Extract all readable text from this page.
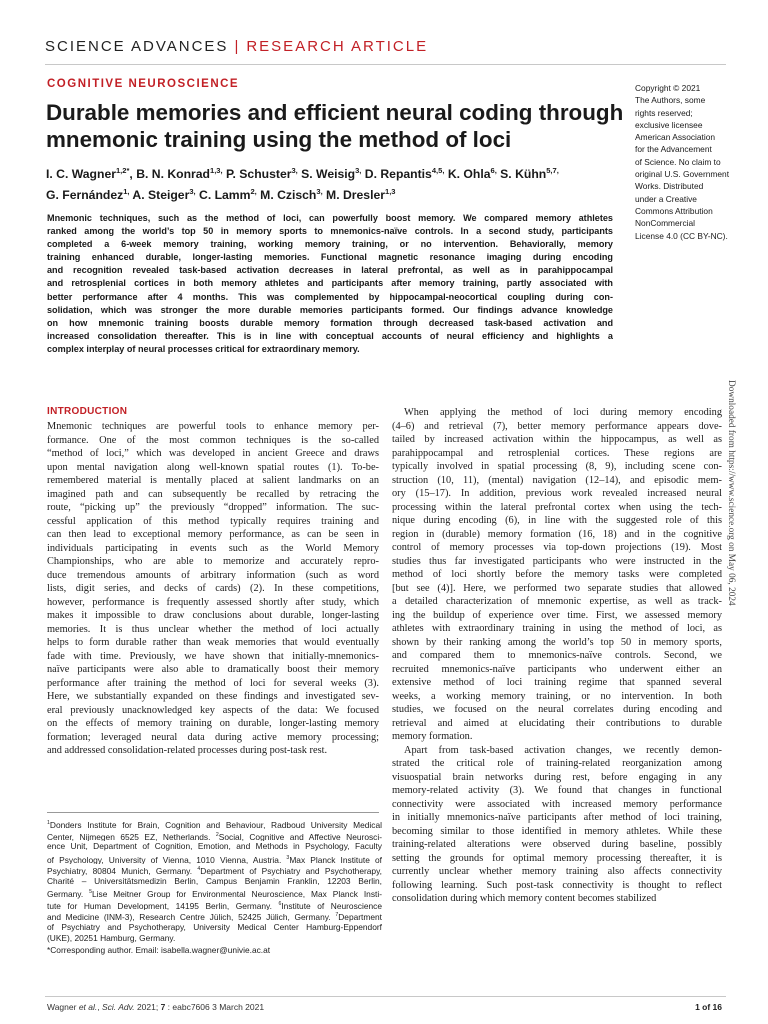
SCIENCE ADVANCES | RESEARCH ARTICLE
COGNITIVE NEUROSCIENCE
Durable memories and efficient neural coding through
mnemonic training using the method of loci
I. C. Wagner$^{1,2*}$, B. N. Konrad$^{1,3,}$ P. Schuster$^{3,}$ S. Weisig$^{3,}$ D. Repantis$^{4,5,}$ K. Ohla$^{6,}$ S. Kühn$^{5,7,}$
G. Fernández$^{1,}$ A. Steiger$^{3,}$ C. Lamm$^{2,}$ M. Czisch$^{3,}$ M. Dresler$^{1,3}$
Copyright © 2021
The Authors, some
rights reserved;
exclusive licensee
American Association
for the Advancement
of Science. No claim to
original U.S. Government
Works. Distributed
under a Creative
Commons Attribution
NonCommercial
License 4.0 (CC BY-NC).
Mnemonic techniques, such as the method of loci, can powerfully boost memory. We compared memory athletes
ranked among the world’s top 50 in memory sports to mnemonics-naïve controls. In a second study, participants
completed a 6-week memory training, working memory training, or no intervention. Behaviorally, memory
training enhanced durable, longer-lasting memories. Functional magnetic resonance imaging during encoding
and recognition revealed task-based activation decreases in lateral prefrontal, as well as in parahippocampal
and retrosplenial cortices in both memory athletes and participants after memory training, partly associated with
better performance after 4 months. This was complemented by hippocampal-neocortical coupling during con-
solidation, which was stronger the more durable memories participants formed. Our findings advance knowledge
on how mnemonic training boosts durable memory formation through decreased task-based activation and
increased consolidation thereafter. This is in line with conceptual accounts of neural efficiency and highlights a
complex interplay of neural processes critical for extraordinary memory.
INTRODUCTION
Mnemonic techniques are powerful tools to enhance memory per-
formance. One of the most common techniques is the so-called
“method of loci,” which was developed in ancient Greece and draws
upon mental navigation along well-known spatial routes (1). To-be-
remembered material is mentally placed at salient landmarks on an
imagined path and can subsequently be recalled by retracing the
route, “picking up” the previously “dropped” information. The suc-
cessful application of this method typically requires training and
can then lead to exceptional memory performance, as can be seen in
individuals participating in events such as the World Memory
Championships, who are able to memorize and accurately repro-
duce tremendous amounts of arbitrary information (such as word
lists, digit series, and decks of cards) (2). In these competitions,
however, performance is frequently assessed shortly after study, which
makes it impossible to draw conclusions about durable, longer-lasting
memories. It is thus unclear whether the method of loci actually
helps to form durable rather than weak memories that would eventually
fade with time. Previously, we have shown that initially-mnemonics-
naïve participants were also able to dramatically boost their memory
performance after training the method of loci for several weeks (3).
Here, we substantially expanded on these findings and investigated sev-
eral previously unacknowledged key aspects of the data: We focused
on the effects of memory training on durable, longer-lasting memory
formation; leveraged neural data during active memory processing;
and addressed consolidation-related processes during post-task rest.
When applying the method of loci during memory encoding
(4–6) and retrieval (7), better memory performance appears dove-
tailed by increased activation within the hippocampus, as well as
parahippocampal and retrosplenial cortices. These regions are
typically involved in spatial processing (8, 9), including scene con-
struction (10, 11), (mental) navigation (12–14), and episodic mem-
ory (15–17). In addition, previous work revealed increased neural
processing within the lateral prefrontal cortex when using the tech-
nique during encoding (6), in line with the suggested role of this
region in (durable) memory formation (16, 18) and in the cognitive
control of memory processes via top-down projections (19). Most
studies thus far investigated participants who were instructed in the
method of loci shortly before the memory tasks were completed
[but see (4)]. Here, we performed two separate studies that allowed
a detailed characterization of mnemonic expertise, as well as track-
ing the buildup of experience over time. First, we assessed memory
athletes with extraordinary training in using the method of loci, as
shown by their ranking among the world’s top 50 in memory sports,
and compared them to mnemonics-naïve controls. Second, we
recruited mnemonics-naïve participants who underwent either an
extensive method of loci training regime that spanned several
weeks, a working memory training, or no intervention. In both
studies, we focused on the neural correlates during encoding and
retrieval and aimed at elucidating their contributions to durable
memory formation.
Apart from task-based activation changes, we recently demon-
strated the critical role of training-related reorganization among
visuospatial brain networks during rest, before engaging in any
memory-related activity (3). We found that changes in functional
connectivity were associated with increased memory performance
in initially mnemonics-naïve participants after method of loci training,
becoming similar to those identified in memory athletes. While these
training-related alterations were observed during baseline, possibly
setting the grounds for optimal memory processing thereafter, it is
currently unclear whether memory training also affects connectivity
following learning. Such post-task connectivity is thought to reflect
consolidation during which memory content becomes stabilized
$^1$Donders Institute for Brain, Cognition and Behaviour, Radboud University Medical
Center, Nijmegen 6525 EZ, Netherlands. $^2$Social, Cognitive and Affective Neurosci-
ence Unit, Department of Cognition, Emotion, and Methods in Psychology, Faculty
of Psychology, University of Vienna, 1010 Vienna, Austria. $^3$Max Planck Institute of
Psychiatry, 80804 Munich, Germany. $^4$Department of Psychiatry and Psychotherapy,
Charité – Universitätsmedizin Berlin, Campus Benjamin Franklin, 12203 Berlin,
Germany. $^5$Lise Meitner Group for Environmental Neuroscience, Max Planck Insti-
tute for Human Development, 14195 Berlin, Germany. $^6$Institute of Neuroscience
and Medicine (INM-3), Research Centre Jülich, 52425 Jülich, Germany. $^7$Department
of Psychiatry and Psychotherapy, University Medical Center Hamburg-Eppendorf
(UKE), 20251 Hamburg, Germany.
*Corresponding author. Email: isabella.wagner@univie.ac.at
Downloaded from https://www.science.org on May 06, 2024
Wagner et al., Sci. Adv. 2021; 7 : eabc7606 3 March 2021	1 of 16
